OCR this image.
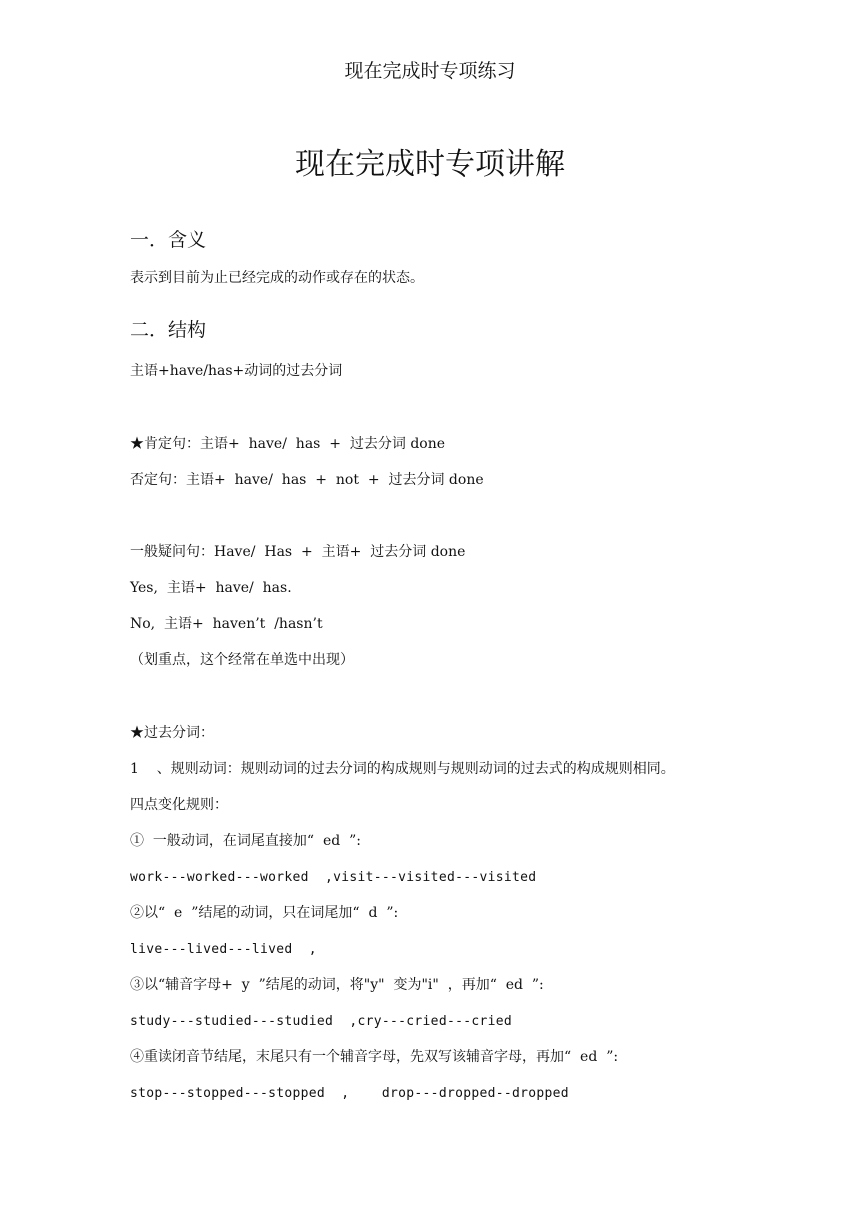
现在完成时专项练习
现在完成时专项讲解
一．含义
表示到目前为止已经完成的动作或存在的状态。
二．结构
主语+have/has+动词的过去分词
★肯定句：主语+  have/  has  +  过去分词 done
否定句：主语+  have/  has  +  not  +  过去分词 done
一般疑问句：Have/  Has  +  主语+  过去分词 done
Yes,  主语+  have/  has.
No,  主语+  haven’t  /hasn’t
（划重点，这个经常在单选中出现）
★过去分词：
1    、规则动词：规则动词的过去分词的构成规则与规则动词的过去式的构成规则相同。
四点变化规则：
①  一般动词，在词尾直接加“  ed  ”:
work---worked---worked  ,visit---visited---visited
②以“  e  ”结尾的动词，只在词尾加“  d  ”:
live---lived---lived  ,
③以“辅音字母+  y  ”结尾的动词，将"y"  变为"i"  ，再加“  ed  ”:
study---studied---studied  ,cry---cried---cried
④重读闭音节结尾，末尾只有一个辅音字母，先双写该辅音字母，再加“  ed  ”:
stop---stopped---stopped  ,    drop---dropped--dropped
